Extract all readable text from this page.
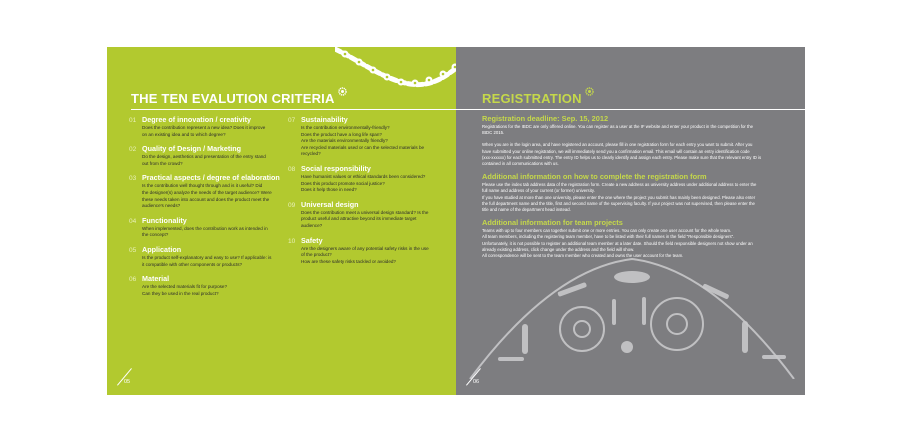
THE TEN EVALUTION CRITERIA
01 Degree of innovation / creativity
Does the contribution represent a new idea? Does it improve
on an existing idea and to which degree?
02 Quality of Design / Marketing
Do the design, aesthetics and presentation of the entry stand
out from the crowd?
03 Practical aspects / degree of elaboration
Is the contribution well thought through and is it useful? Did
the designer(s) analyze the needs of the target audience? Were
these needs taken into account and does the product meet the
audience's needs?
04 Functionality
When implemented, does the contribution work as intended in
the concept?
05 Application
Is the product self-explanatory and easy to use? If applicable: is
it compatible with other components or products?
06 Material
Are the selected materials fit for purpose?
Can they be used in the real product?
07 Sustainability
Is the contribution environmentally-friendly?
Does the product have a long life span?
Are the materials environmentally friendly?
Are recycled materials used or can the selected materials be
recycled?
08 Social responsibility
Have humanist values or ethical standards been considered?
Does this product promote social justice?
Does it help those in need?
09 Universal design
Does the contribution meet a universal design standard? Is the
product useful and attractive beyond its immediate target
audience?
10 Safety
Are the designers aware of any potential safety risks in the use
of the product?
How are these safety risks tackled or avoided?
05
REGISTRATION
Registration deadline: Sep. 15, 2012
Registrations for the IBDC are only offered online. You can register as a user at the IF website and enter your product in the competition for the
IBDC 2015.
When you are in the login area, and have registered an account, please fill in one registration form for each entry you want to submit. After you
have submitted your online registration, we will immediately send you a confirmation email. This email will contain an entry identification code
(xxx-xxxxxx) for each submitted entry. The entry ID helps us to clearly identify and assign each entry. Please make sure that the relevant entry ID is
contained in all communications with us.
Additional information on how to complete the registration form
Please use the index tab address data of the registration form. Create a new address as university address under additional address to enter the
full name and address of your current (or former) university.
If you have studied at more than one university, please enter the one where the project you submit has mainly been designed. Please also enter
the full department name and the title, first and second name of the supervising faculty. If your project was not supervised, then please enter the
title and name of the department head instead.
Additional information for team projects
Teams with up to four members can together submit one or more entries. You can only create one user account for the whole team.
All team members, including the registering team member, have to be listed with their full names in the field "Responsible designers".
Unfortunately, it is not possible to register an additional team member at a later date. Should the field responsible designers not show under an
already existing address, click change under the address and the field will show.
All correspondence will be sent to the team member who created and owns the user account for the team.
06
